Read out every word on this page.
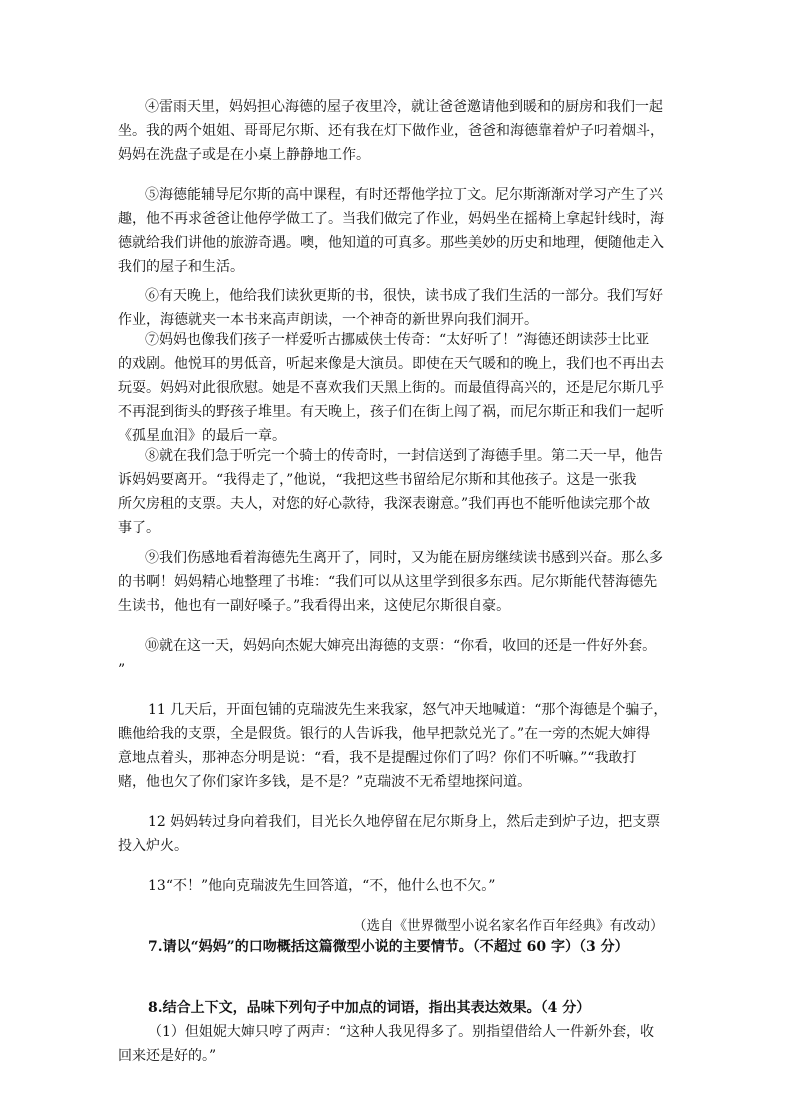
④雷雨天里，妈妈担心海德的屋子夜里冷，就让爸爸邀请他到暖和的厨房和我们一起
坐。我的两个姐姐、哥哥尼尔斯、还有我在灯下做作业，爸爸和海德靠着炉子叼着烟斗，
妈妈在洗盘子或是在小桌上静静地工作。
⑤海德能辅导尼尔斯的高中课程，有时还帮他学拉丁文。尼尔斯渐渐对学习产生了兴
趣，他不再求爸爸让他停学做工了。当我们做完了作业，妈妈坐在摇椅上拿起针线时，海
德就给我们讲他的旅游奇遇。噢，他知道的可真多。那些美妙的历史和地理，便随他走入
我们的屋子和生活。
⑥有天晚上，他给我们读狄更斯的书，很快，读书成了我们生活的一部分。我们写好
作业，海德就夹一本书来高声朗读，一个神奇的新世界向我们洞开。
⑦妈妈也像我们孩子一样爱听古挪威侠士传奇：“太好听了！”海德还朗读莎士比亚
的戏剧。他悦耳的男低音，听起来像是大演员。即使在天气暖和的晚上，我们也不再出去
玩耍。妈妈对此很欣慰。她是不喜欢我们天黑上街的。而最值得高兴的，还是尼尔斯几乎
不再混到街头的野孩子堆里。有天晚上，孩子们在街上闯了祸，而尼尔斯正和我们一起听
《孤星血泪》的最后一章。
⑧就在我们急于听完一个骑士的传奇时，一封信送到了海德手里。第二天一早，他告
诉妈妈要离开。“我得走了，”他说，“我把这些书留给尼尔斯和其他孩子。这是一张我
所欠房租的支票。夫人，对您的好心款待，我深表谢意。”我们再也不能听他读完那个故
事了。
⑨我们伤感地看着海德先生离开了，同时，又为能在厨房继续读书感到兴奋。那么多
的书啊！妈妈精心地整理了书堆：“我们可以从这里学到很多东西。尼尔斯能代替海德先
生读书，他也有一副好嗓子。”我看得出来，这使尼尔斯很自豪。
⑩就在这一天，妈妈向杰妮大婶亮出海德的支票：“你看，收回的还是一件好外套。
”
11 几天后，开面包铺的克瑞波先生来我家，怒气冲天地喊道：“那个海德是个骗子，
瞧他给我的支票，全是假货。银行的人告诉我，他早把款兑光了。”在一旁的杰妮大婶得
意地点着头，那神态分明是说：“看，我不是提醒过你们了吗？你们不听嘛。”“我敢打
赌，他也欠了你们家许多钱，是不是？”克瑞波不无希望地探问道。
12 妈妈转过身向着我们，目光长久地停留在尼尔斯身上，然后走到炉子边，把支票
投入炉火。
13“不！”他向克瑞波先生回答道，“不，他什么也不欠。”
（选自《世界微型小说名家名作百年经典》有改动）
7.请以“妈妈”的口吻概括这篇微型小说的主要情节。（不超过 60 字）（3 分）
8.结合上下文，品味下列句子中加点的词语，指出其表达效果。（4 分）
（1）但姐妮大婶只哼了两声：“这种人我见得多了。别指望借给人一件新外套，收
回来还是好的。”
